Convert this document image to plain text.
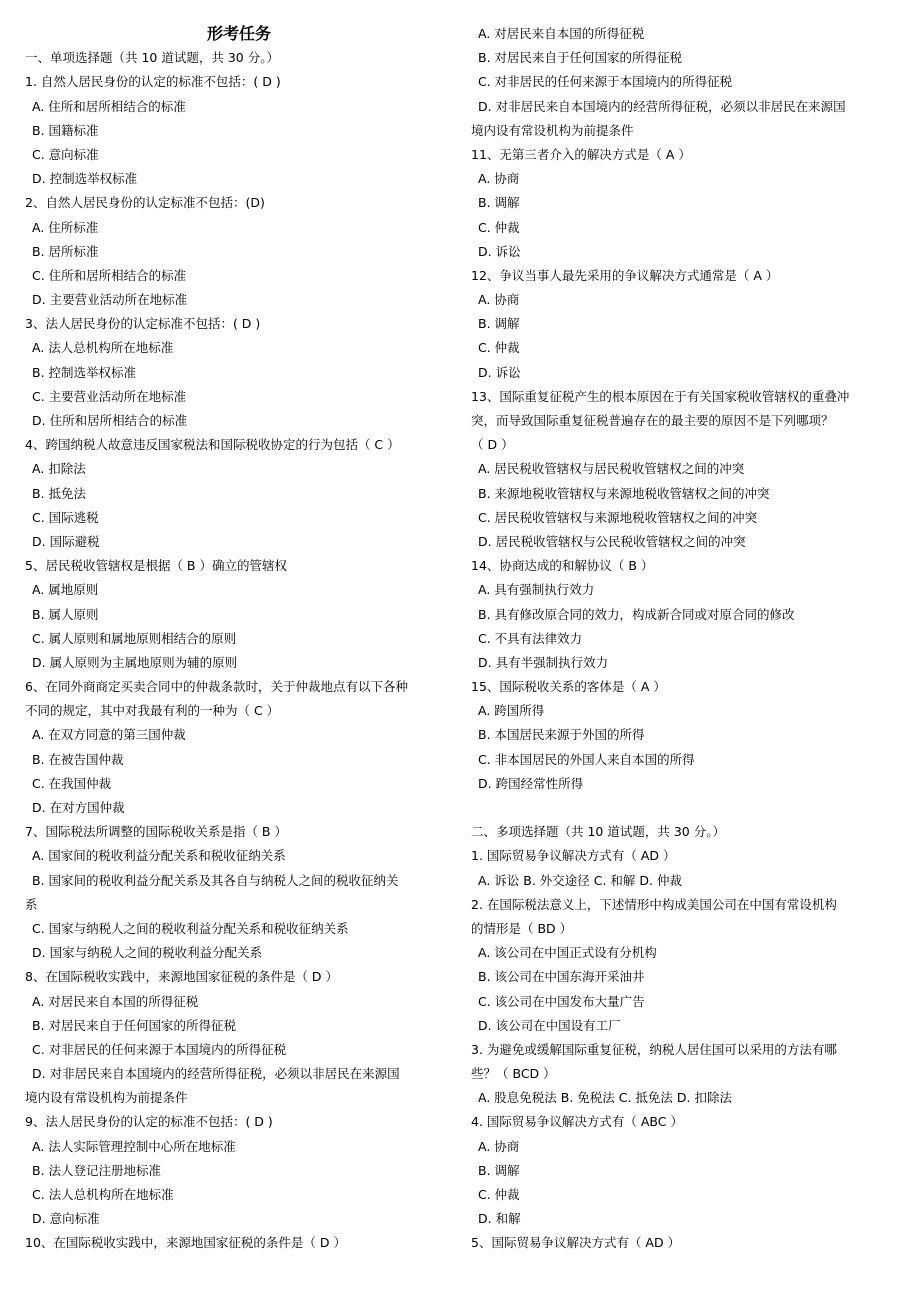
形考任务
一、单项选择题（共 10 道试题，共 30 分。）
1. 自然人居民身份的认定的标准不包括：( D )
A. 住所和居所相结合的标准
B. 国籍标准
C. 意向标准
D. 控制选举权标准
2、自然人居民身份的认定标准不包括：(D)
A. 住所标准
B. 居所标准
C. 住所和居所相结合的标准
D. 主要营业活动所在地标准
3、法人居民身份的认定标准不包括：( D )
A. 法人总机构所在地标准
B. 控制选举权标准
C. 主要营业活动所在地标准
D. 住所和居所相结合的标准
4、跨国纳税人故意违反国家税法和国际税收协定的行为包括（ C ）
A. 扣除法
B. 抵免法
C. 国际逃税
D. 国际避税
5、居民税收管辖权是根据（ B ）确立的管辖权
A. 属地原则
B. 属人原则
C. 属人原则和属地原则相结合的原则
D. 属人原则为主属地原则为辅的原则
6、在同外商商定买卖合同中的仲裁条款时，关于仲裁地点有以下各种
不同的规定，其中对我最有利的一种为（ C ）
A. 在双方同意的第三国仲裁
B. 在被告国仲裁
C. 在我国仲裁
D. 在对方国仲裁
7、国际税法所调整的国际税收关系是指（ B ）
A. 国家间的税收利益分配关系和税收征纳关系
B. 国家间的税收利益分配关系及其各自与纳税人之间的税收征纳关
系
C. 国家与纳税人之间的税收利益分配关系和税收征纳关系
D. 国家与纳税人之间的税收利益分配关系
8、在国际税收实践中，来源地国家征税的条件是（ D ）
A. 对居民来自本国的所得征税
B. 对居民来自于任何国家的所得征税
C. 对非居民的任何来源于本国境内的所得征税
D. 对非居民来自本国境内的经营所得征税，必须以非居民在来源国
境内设有常设机构为前提条件
9、法人居民身份的认定的标准不包括：( D )
A. 法人实际管理控制中心所在地标准
B. 法人登记注册地标准
C. 法人总机构所在地标准
D. 意向标准
10、在国际税收实践中，来源地国家征税的条件是（ D ）
A. 对居民来自本国的所得征税
B. 对居民来自于任何国家的所得征税
C. 对非居民的任何来源于本国境内的所得征税
D. 对非居民来自本国境内的经营所得征税，必须以非居民在来源国
境内设有常设机构为前提条件
11、无第三者介入的解决方式是（ A ）
A. 协商
B. 调解
C. 仲裁
D. 诉讼
12、争议当事人最先采用的争议解决方式通常是（ A ）
A. 协商
B. 调解
C. 仲裁
D. 诉讼
13、国际重复征税产生的根本原因在于有关国家税收管辖权的重叠冲
突，而导致国际重复征税普遍存在的最主要的原因不是下列哪项？
（ D ）
A. 居民税收管辖权与居民税收管辖权之间的冲突
B. 来源地税收管辖权与来源地税收管辖权之间的冲突
C. 居民税收管辖权与来源地税收管辖权之间的冲突
D. 居民税收管辖权与公民税收管辖权之间的冲突
14、协商达成的和解协议（ B ）
A. 具有强制执行效力
B. 具有修改原合同的效力，构成新合同或对原合同的修改
C. 不具有法律效力
D. 具有半强制执行效力
15、国际税收关系的客体是（ A ）
A. 跨国所得
B. 本国居民来源于外国的所得
C. 非本国居民的外国人来自本国的所得
D. 跨国经常性所得
二、多项选择题（共 10 道试题，共 30 分。）
1. 国际贸易争议解决方式有（ AD ）
A. 诉讼 B. 外交途径 C. 和解 D. 仲裁
2. 在国际税法意义上，下述情形中构成美国公司在中国有常设机构
的情形是（ BD ）
A. 该公司在中国正式设有分机构
B. 该公司在中国东海开采油井
C. 该公司在中国发布大量广告
D. 该公司在中国设有工厂
3. 为避免或缓解国际重复征税，纳税人居住国可以采用的方法有哪
些？（ BCD ）
A. 股息免税法 B. 免税法 C. 抵免法 D. 扣除法
4. 国际贸易争议解决方式有（ ABC ）
A. 协商
B. 调解
C. 仲裁
D. 和解
5、国际贸易争议解决方式有（ AD ）
